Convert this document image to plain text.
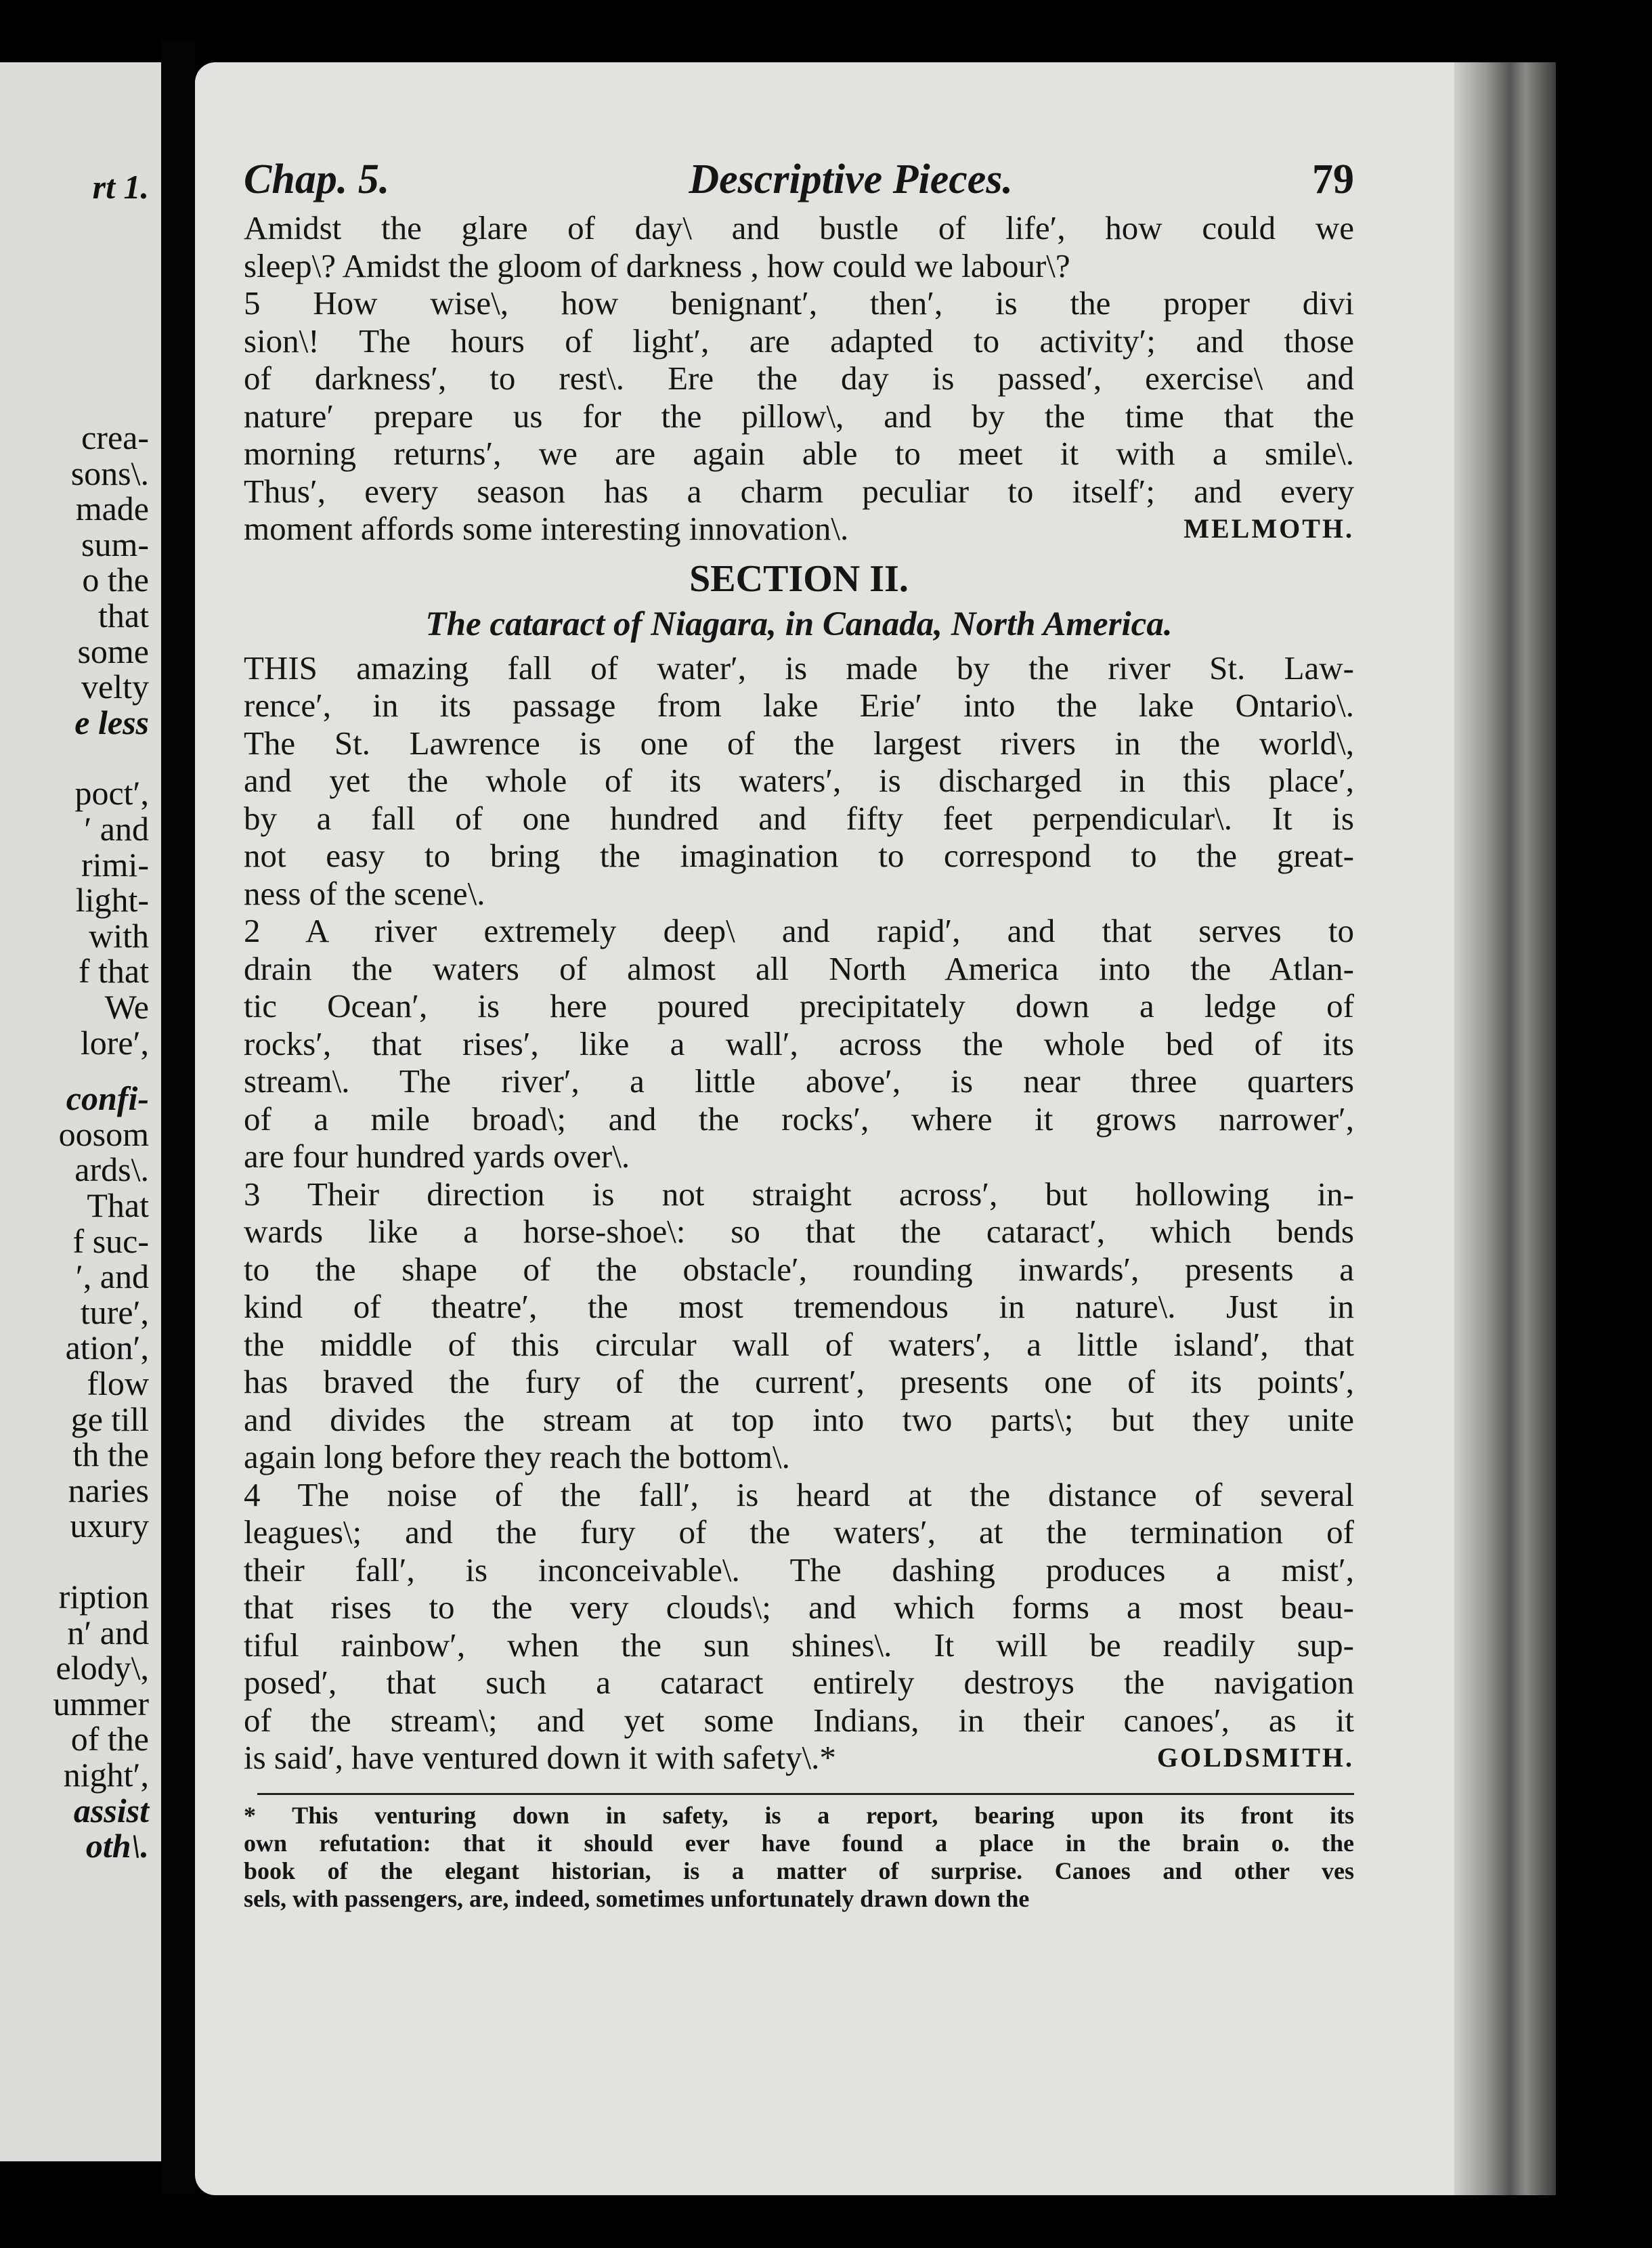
rt 1.

crea-

sons\.

made

sum-

o the

that

some

velty

e less

poct′,

′ and

rimi-

light-

with

f that

We

lore′,

confi-

oosom

ards\.

That

f suc-

′, and

ture′,

ation′,

flow

ge till

th the

naries

uxury

ription

n′ and

elody\,

ummer

of the

night′,

assist

oth\.

Chap. 5.	Descriptive Pieces.	79

Amidst the glare of day\ and bustle of life′, how could we
sleep\? Amidst the gloom of darkness , how could we labour\?

5 How wise\, how benignant′, then′, is the proper divi
sion\! The hours of light′, are adapted to activity′; and those
of darkness′, to rest\. Ere the day is passed′, exercise\ and
nature′ prepare us for the pillow\, and by the time that the
morning returns′, we are again able to meet it with a smile\.
Thus′, every season has a charm peculiar to itself′; and every
moment affords some interesting innovation\.	MELMOTH.

SECTION II.
The cataract of Niagara, in Canada, North America.

THIS amazing fall of water′, is made by the river St. Law-
rence′, in its passage from lake Erie′ into the lake Ontario\.
The St. Lawrence is one of the largest rivers in the world\,
and yet the whole of its waters′, is discharged in this place′,
by a fall of one hundred and fifty feet perpendicular\. It is
not easy to bring the imagination to correspond to the great-
ness of the scene\.

2 A river extremely deep\ and rapid′, and that serves to
drain the waters of almost all North America into the Atlan-
tic Ocean′, is here poured precipitately down a ledge of
rocks′, that rises′, like a wall′, across the whole bed of its
stream\. The river′, a little above′, is near three quarters
of a mile broad\; and the rocks′, where it grows narrower′,
are four hundred yards over\.

3 Their direction is not straight across′, but hollowing in-
wards like a horse-shoe\: so that the cataract′, which bends
to the shape of the obstacle′, rounding inwards′, presents a
kind of theatre′, the most tremendous in nature\. Just in
the middle of this circular wall of waters′, a little island′, that
has braved the fury of the current′, presents one of its points′,
and divides the stream at top into two parts\; but they unite
again long before they reach the bottom\.

4 The noise of the fall′, is heard at the distance of several
leagues\; and the fury of the waters′, at the termination of
their fall′, is inconceivable\. The dashing produces a mist′,
that rises to the very clouds\; and which forms a most beau-
tiful rainbow′, when the sun shines\. It will be readily sup-
posed′, that such a cataract entirely destroys the navigation
of the stream\; and yet some Indians, in their canoes′, as it
is said′, have ventured down it with safety\.*	GOLDSMITH.

* This venturing down in safety, is a report, bearing upon its front its
own refutation: that it should ever have found a place in the brain o. the
book of the elegant historian, is a matter of surprise. Canoes and other ves
sels, with passengers, are, indeed, sometimes unfortunately drawn down the
